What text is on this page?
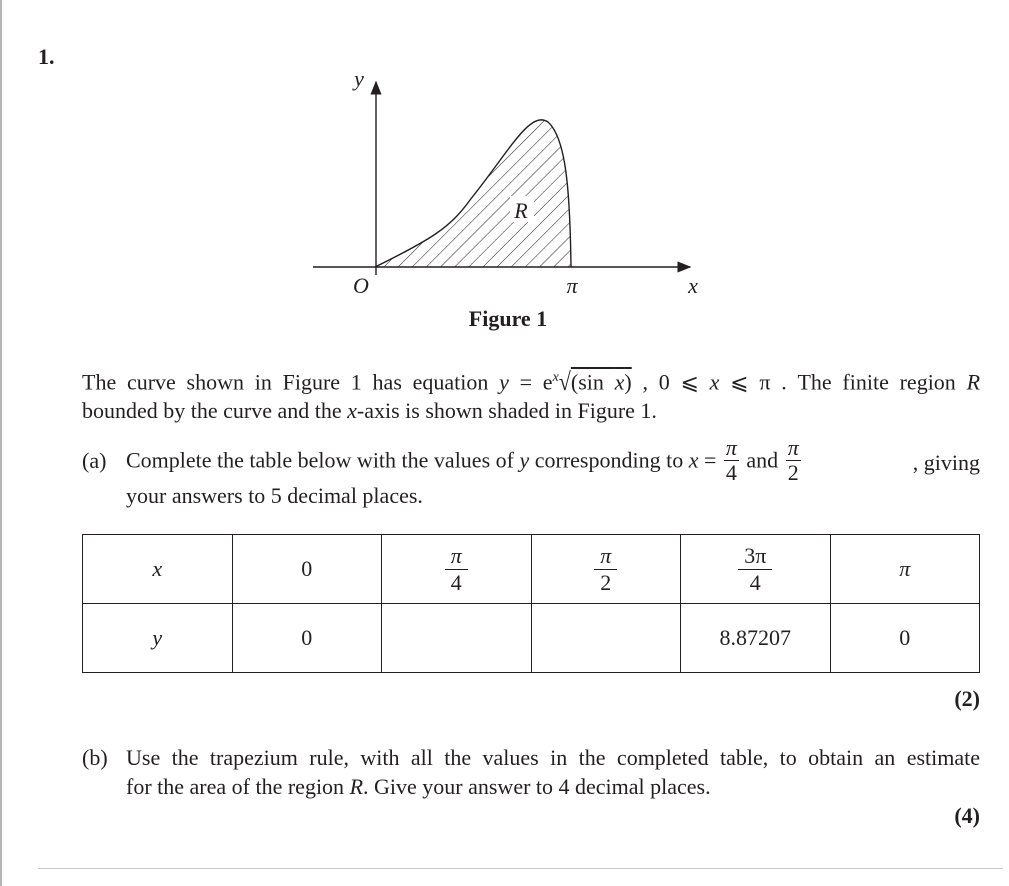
1.
R
y
x
O	π
Figure 1
The curve shown in Figure 1 has equation $y = e^x√(\sin$ x) , 0 ⩽ x ⩽ π . The finite region R
bounded by the curve and the x-axis is shown shaded in Figure 1.
(a) Complete the table below with the values of y corresponding to $x = \frac{\pi}{4}$ and $\frac{\pi}{2}$	, giving
your answers to 5 decimal places.
x	0	$\frac{\pi}{4}$	$\frac{\pi}{2}$	$\frac{3\pi}{4}$	π
y	0			8.87207	0
(2)
(b) Use the trapezium rule, with all the values in the completed table, to obtain an estimate
for the area of the region R. Give your answer to 4 decimal places.
(4)
